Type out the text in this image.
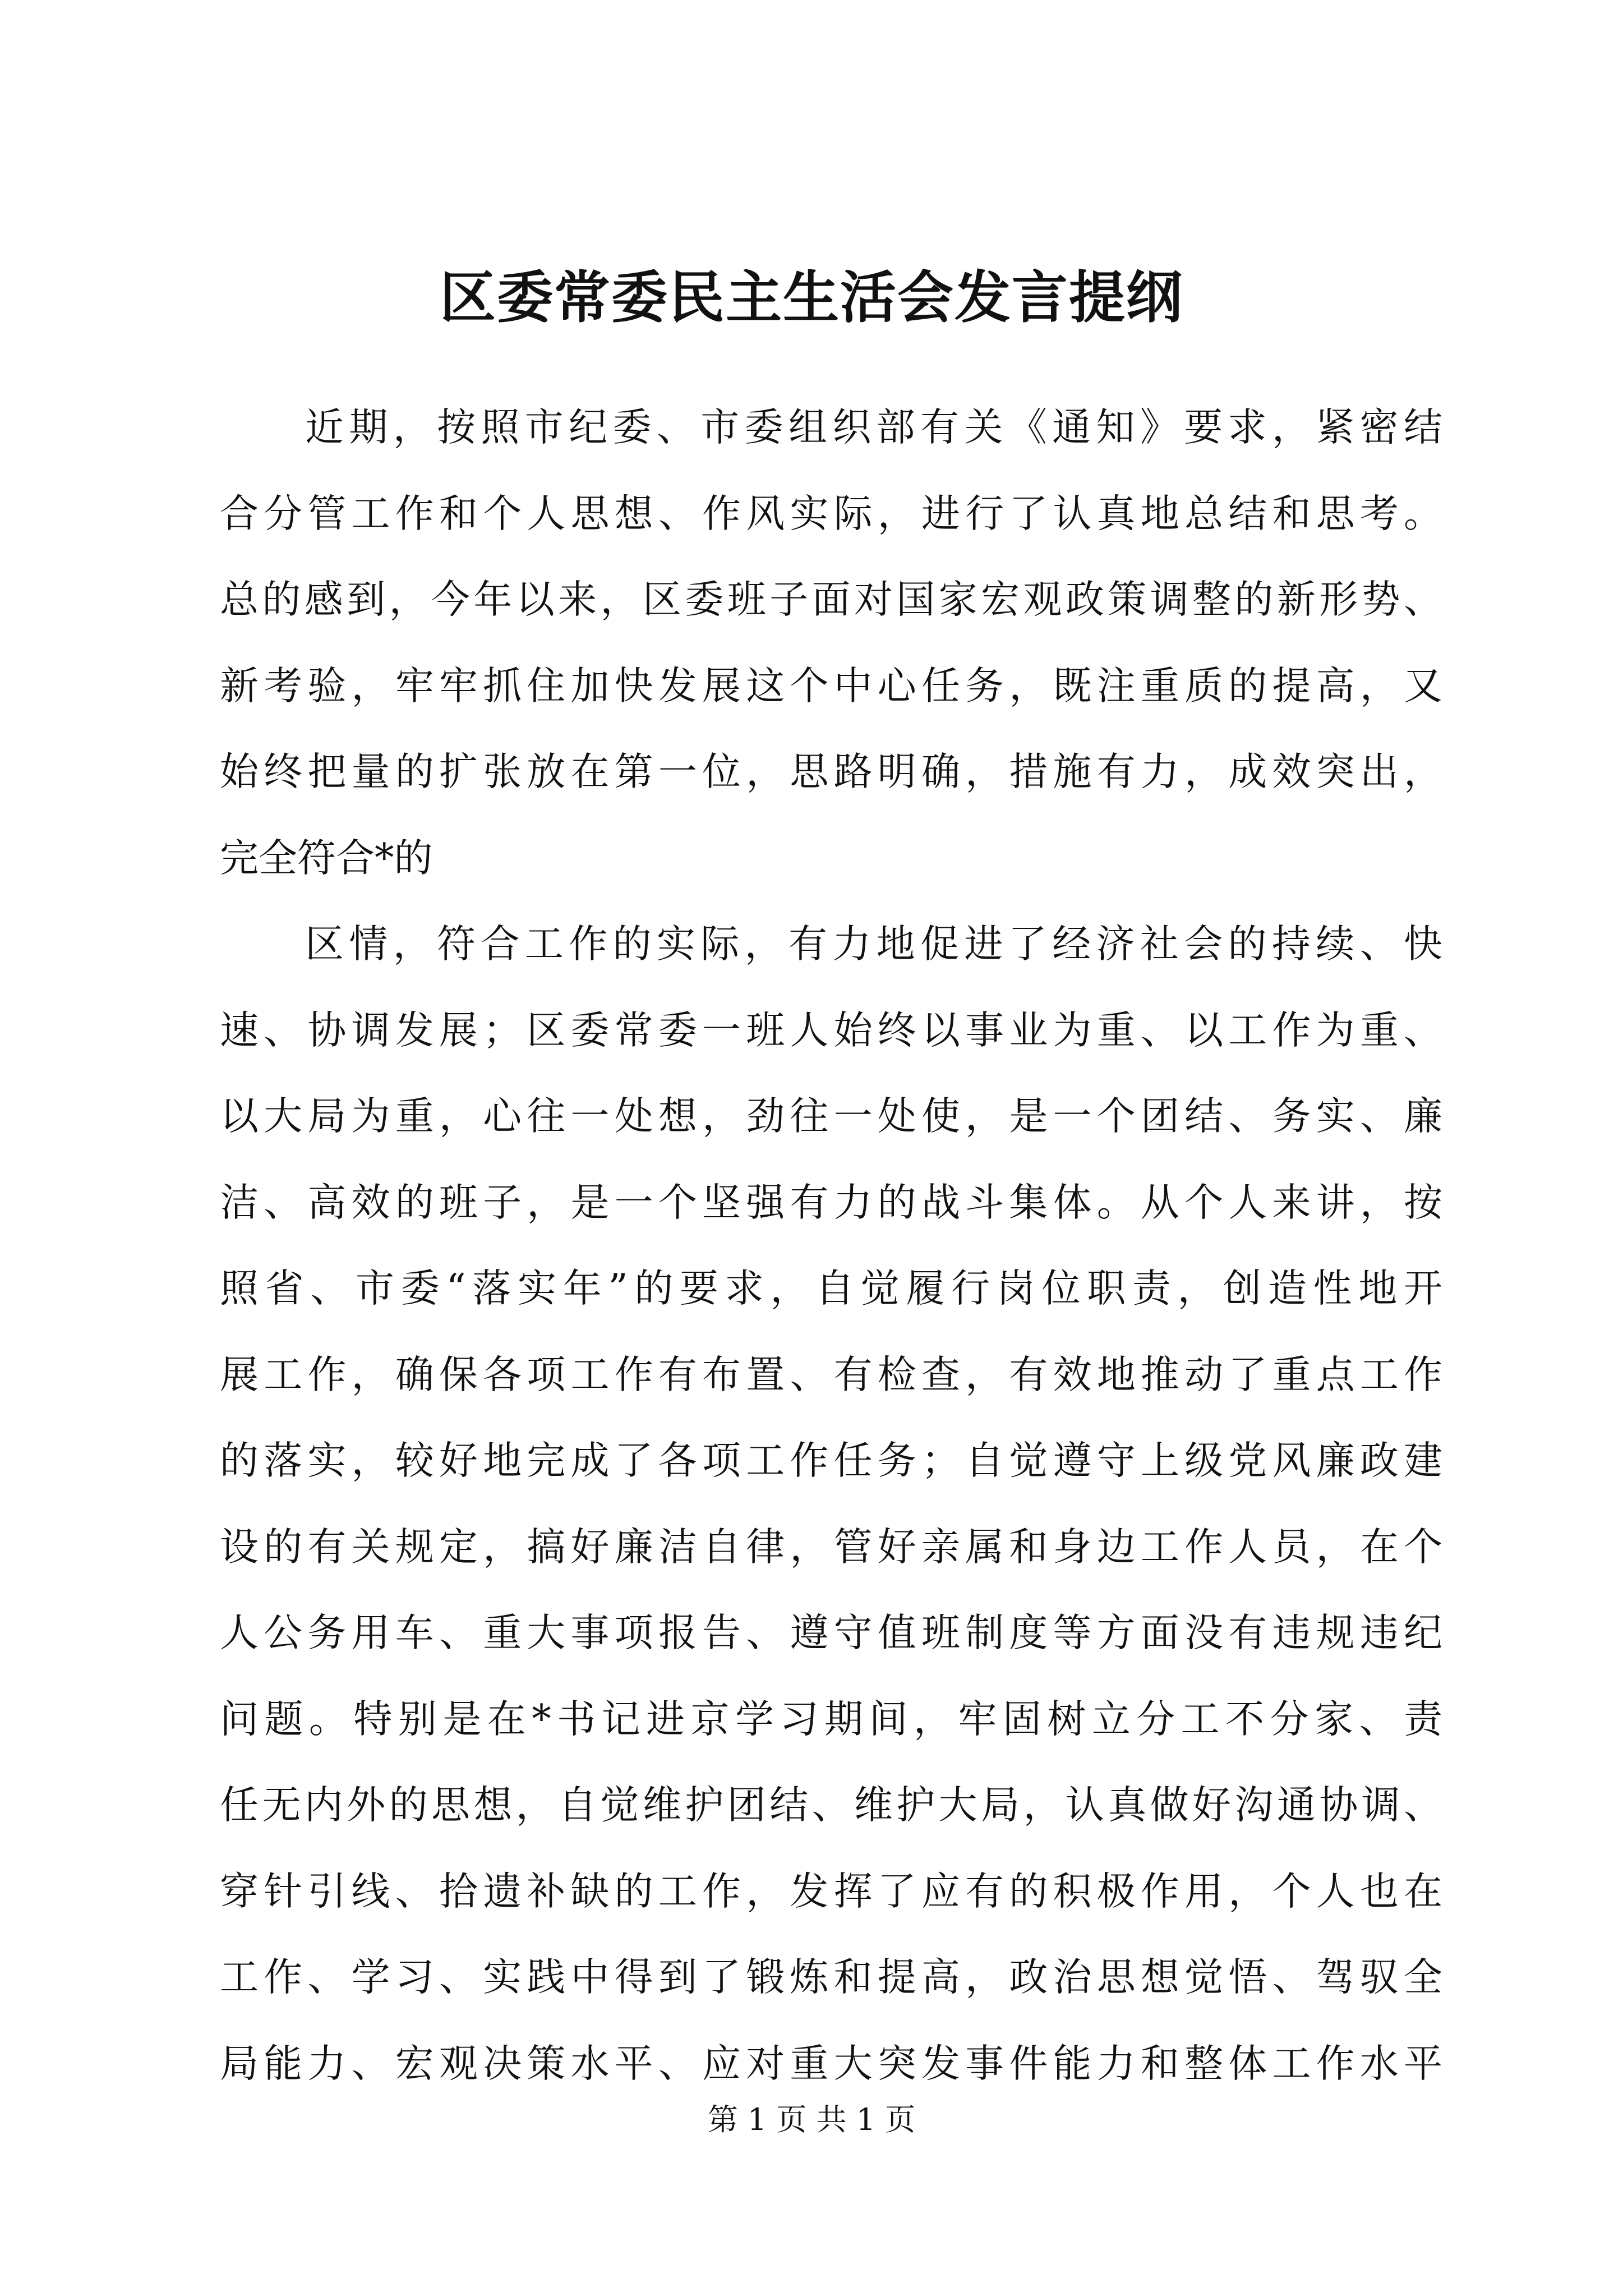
区委常委民主生活会发言提纲
近期，按照市纪委、市委组织部有关《通知》要求，紧密结
合分管工作和个人思想、作风实际，进行了认真地总结和思考。
总的感到，今年以来，区委班子面对国家宏观政策调整的新形势、
新考验，牢牢抓住加快发展这个中心任务，既注重质的提高，又
始终把量的扩张放在第一位，思路明确，措施有力，成效突出，
完全符合*的
区情，符合工作的实际，有力地促进了经济社会的持续、快
速、协调发展；区委常委一班人始终以事业为重、以工作为重、
以大局为重，心往一处想，劲往一处使，是一个团结、务实、廉
洁、高效的班子，是一个坚强有力的战斗集体。从个人来讲，按
照省、市委“落实年”的要求，自觉履行岗位职责，创造性地开
展工作，确保各项工作有布置、有检查，有效地推动了重点工作
的落实，较好地完成了各项工作任务；自觉遵守上级党风廉政建
设的有关规定，搞好廉洁自律，管好亲属和身边工作人员，在个
人公务用车、重大事项报告、遵守值班制度等方面没有违规违纪
问题。特别是在*书记进京学习期间，牢固树立分工不分家、责
任无内外的思想，自觉维护团结、维护大局，认真做好沟通协调、
穿针引线、拾遗补缺的工作，发挥了应有的积极作用，个人也在
工作、学习、实践中得到了锻炼和提高，政治思想觉悟、驾驭全
局能力、宏观决策水平、应对重大突发事件能力和整体工作水平
第 1 页 共 1 页
